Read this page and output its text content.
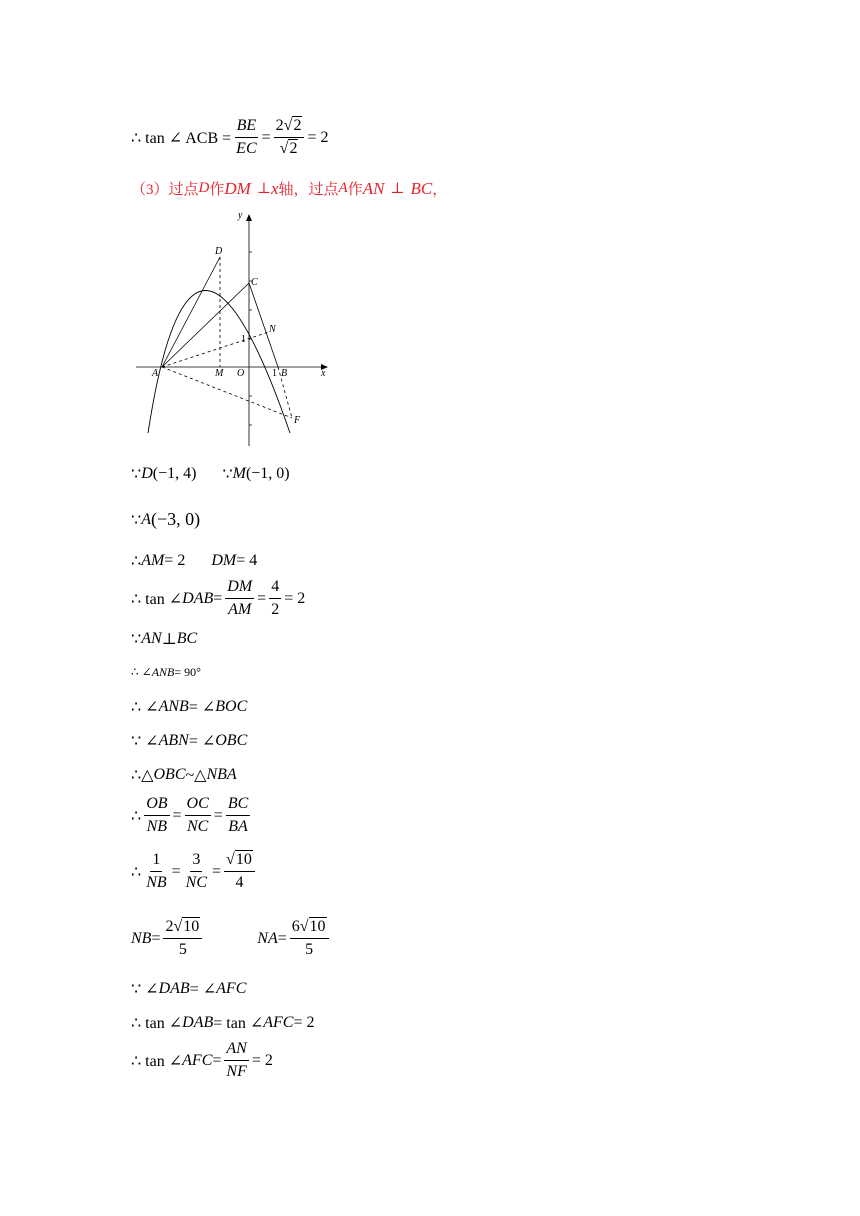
∴ tan ∠ ACB = $\frac{BE}{EC} = \frac{2 √ 2}{√ 2} = 2$
（3）过点 D 作 DM ⊥ x 轴，过点 A 作 AN ⊥ BC ，
y
D
C
N
1
A	M O	1 B	x
F
∵ D (−1, 4) ∵ M (−1, 0)
∵ A (−3, 0)
∴ AM = 2 DM = 4
∴ tan ∠ DAB = $\frac{DM}{AM} = \frac{4}{2} = 2$
∵ AN ⊥ BC
∴ ∠ ANB = 90°
∴ ∠ ANB = ∠ BOC
∵ ∠ ABN = ∠ OBC
∴△ OBC ~△ NBA
∴ $\frac{OB}{NB} = \frac{OC}{NC} = \frac{BC}{BA}$
∴ $\frac{1}{NB} = \frac{3}{NC} = \frac{√ 10}{4}$
NB = $\frac{2 √ 10}{5}$	NA = $\frac{6 √ 10}{5}$
∵ ∠ DAB = ∠ AFC
∴ tan ∠ DAB = tan ∠ AFC = 2
∴ tan ∠ AFC = $\frac{AN}{NF} = 2$
